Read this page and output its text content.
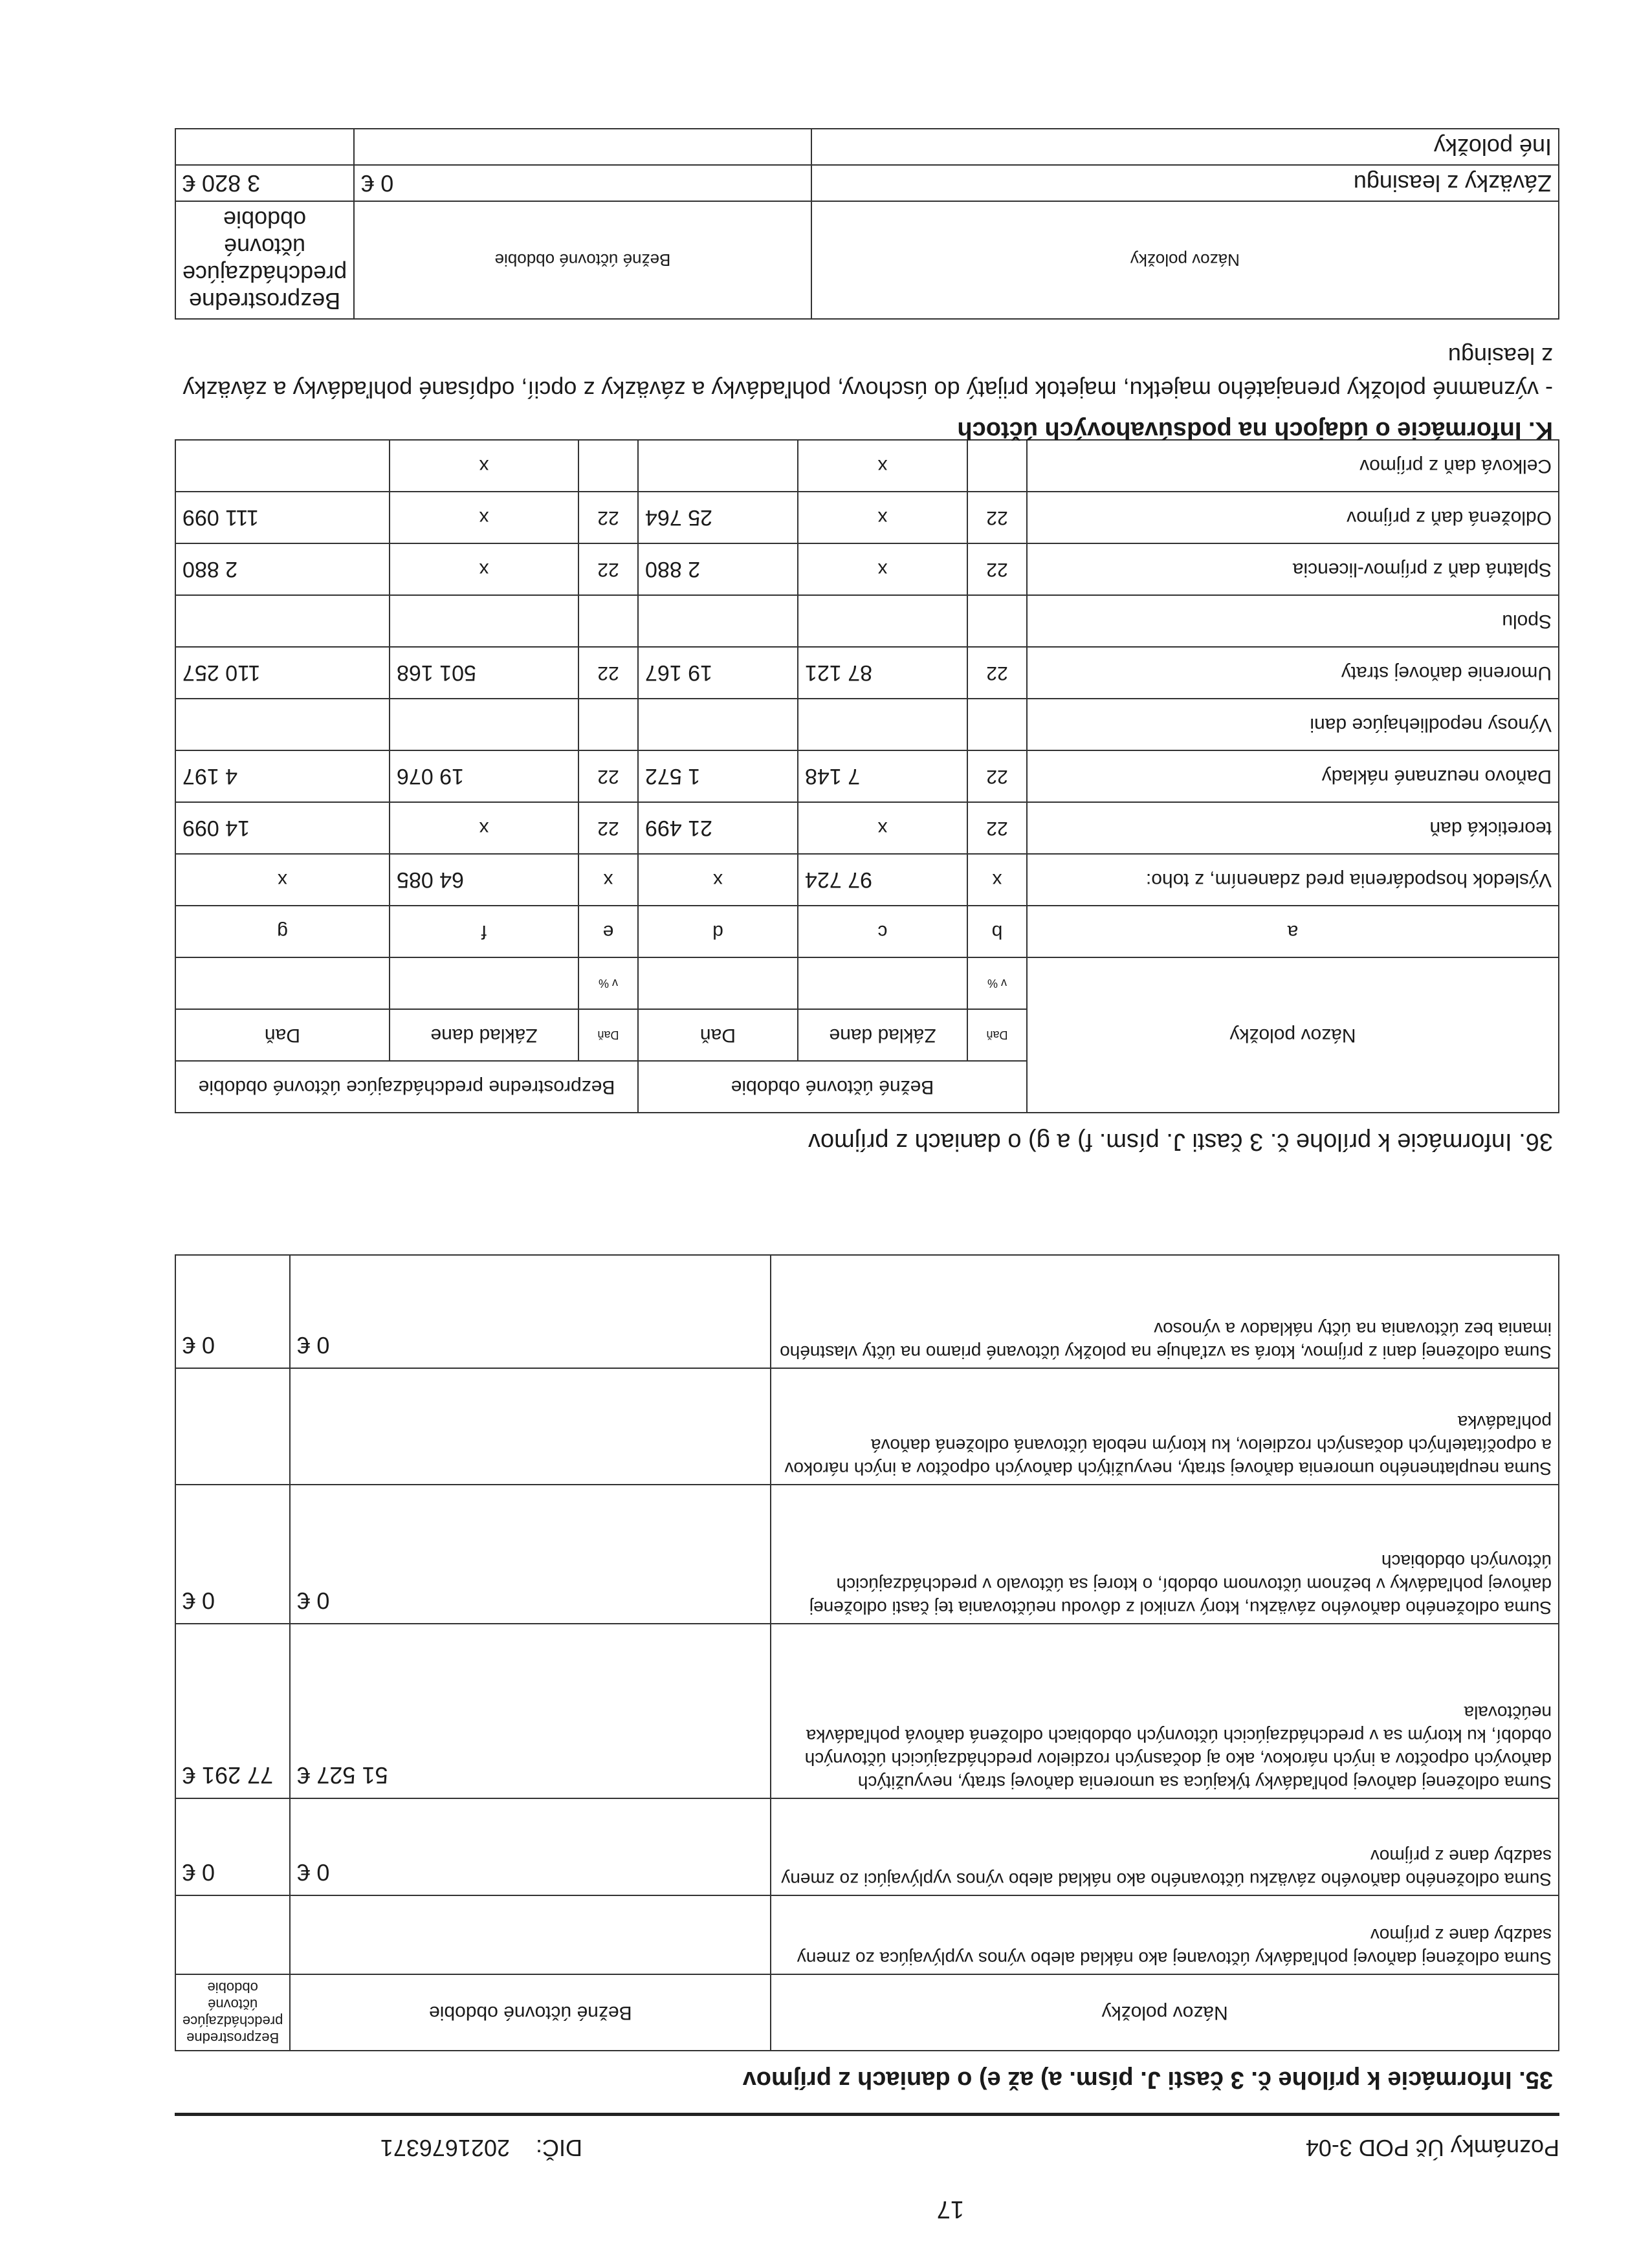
17
Poznámky Úč POD 3-04
DIČ:    2021676371
35. Informácie k prílohe č. 3 časti J. písm. a) až e) o daniach z príjmov
Názov položky	Bežné účtovné obdobie	Bezprostredne predchádzajúce účtovné obdobie
Suma odloženej daňovej pohľadávky účtovanej ako náklad alebo výnos vyplývajúca zo zmeny sadzby dane z príjmov		
Suma odloženého daňového záväzku účtovaného ako náklad alebo výnos vyplývajúci zo zmeny sadzby dane z príjmov	0 €	0 €
Suma odloženej daňovej pohľadávky týkajúca sa umorenia daňovej straty, nevyužitých daňových odpočtov a iných nárokov, ako aj dočasných rozdielov predchádzajúcich účtovných období, ku ktorým sa v predchádzajúcich účtovných obdobiach odložená daňová pohľadávka neúčtovala	51 527 €	77 291 €
Suma odloženého daňového záväzku, ktorý vznikol z dôvodu neúčtovania tej časti odloženej daňovej pohľadávky v bežnom účtovnom období, o ktorej sa účtovalo v predchádzajúcich účtovných obdobiach	0 €	0 €
Suma neuplatneného umorenia daňovej straty, nevyužitých daňových odpočtov a iných nárokov a odpočítateľných dočasných rozdielov, ku ktorým nebola účtovaná odložená daňová pohľadávka		
Suma odloženej dani z príjmov, ktorá sa vzťahuje na položky účtované priamo na účty vlastného imania bez účtovania na účty nákladov a výnosov	0 €	0 €
36. Informácie k prílohe č. 3 časti J. písm. f) a g) o daniach z príjmov
Názov položky	Bežné účtovné obdobie			Bezprostredne predchádzajúce účtovné obdobie		
	Daň	Základ dane	Daň	Daň	Základ dane	Daň
	v %			v %		
a	b	c	d	e	f	g
Výsledok hospodárenia pred zdanením, z toho:	x	97 724	x	x	64 085	x
teoretická daň	22	x	21 499	22	x	14 099
Daňovo neuznané náklady	22	7 148	1 572	22	19 076	4 197
Výnosy nepodliehajúce dani						
Umorenie daňovej straty	22	87 121	19 167	22	501 168	110 257
Spolu						
Splatná daň z príjmov-licencia	22	x	2 880	22	x	2 880
Odložená daň z príjmov	22	x	25 764	22	x	111 099
Celková daň z príjmov		x			x	
K. Informácie o údajoch na podsúvahových účtoch
- významné položky prenajatého majetku, majetok prijatý do úschovy, pohľadávky a záväzky z opcií, odpísané pohľadávky a záväzky z leasingu
Názov položky	Bežné účtovné obdobie	Bezprostredne predchádzajúce účtovné obdobie
Záväzky z leasingu	0 €	3 820 €
Iné položky		
